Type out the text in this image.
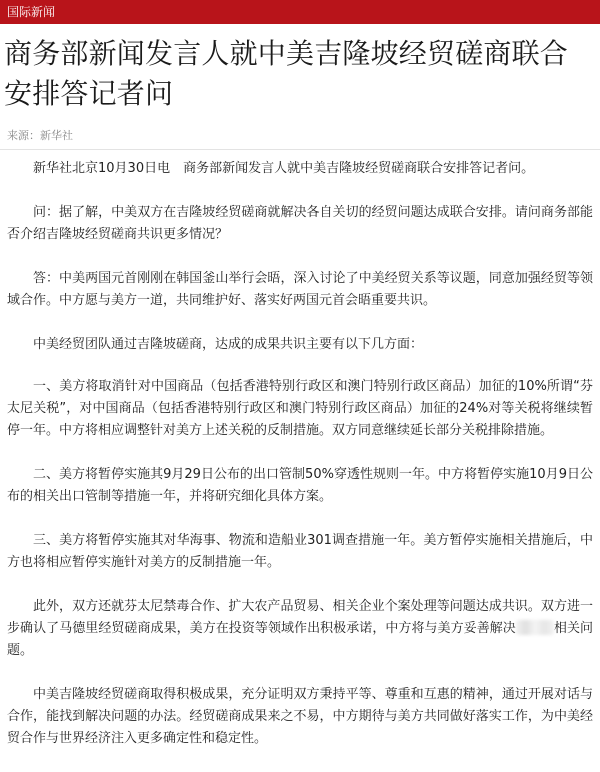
国际新闻
商务部新闻发言人就中美吉隆坡经贸磋商联合安排答记者问
来源：新华社

新华社北京10月30日电　商务部新闻发言人就中美吉隆坡经贸磋商联合安排答记者问。

问：据了解，中美双方在吉隆坡经贸磋商就解决各自关切的经贸问题达成联合安排。请问商务部能否介绍吉隆坡经贸磋商共识更多情况？

答：中美两国元首刚刚在韩国釜山举行会晤，深入讨论了中美经贸关系等议题，同意加强经贸等领域合作。中方愿与美方一道，共同维护好、落实好两国元首会晤重要共识。

中美经贸团队通过吉隆坡磋商，达成的成果共识主要有以下几方面：

一、美方将取消针对中国商品（包括香港特别行政区和澳门特别行政区商品）加征的10%所谓“芬太尼关税”，对中国商品（包括香港特别行政区和澳门特别行政区商品）加征的24%对等关税将继续暂停一年。中方将相应调整针对美方上述关税的反制措施。双方同意继续延长部分关税排除措施。

二、美方将暂停实施其9月29日公布的出口管制50%穿透性规则一年。中方将暂停实施10月9日公布的相关出口管制等措施一年，并将研究细化具体方案。

三、美方将暂停实施其对华海事、物流和造船业301调查措施一年。美方暂停实施相关措施后，中方也将相应暂停实施针对美方的反制措施一年。

此外，双方还就芬太尼禁毒合作、扩大农产品贸易、相关企业个案处理等问题达成共识。双方进一步确认了马德里经贸磋商成果，美方在投资等领域作出积极承诺，中方将与美方妥善解决	相关问题。

中美吉隆坡经贸磋商取得积极成果，充分证明双方秉持平等、尊重和互惠的精神，通过开展对话与合作，能找到解决问题的办法。经贸磋商成果来之不易，中方期待与美方共同做好落实工作，为中美经贸合作与世界经济注入更多确定性和稳定性。
